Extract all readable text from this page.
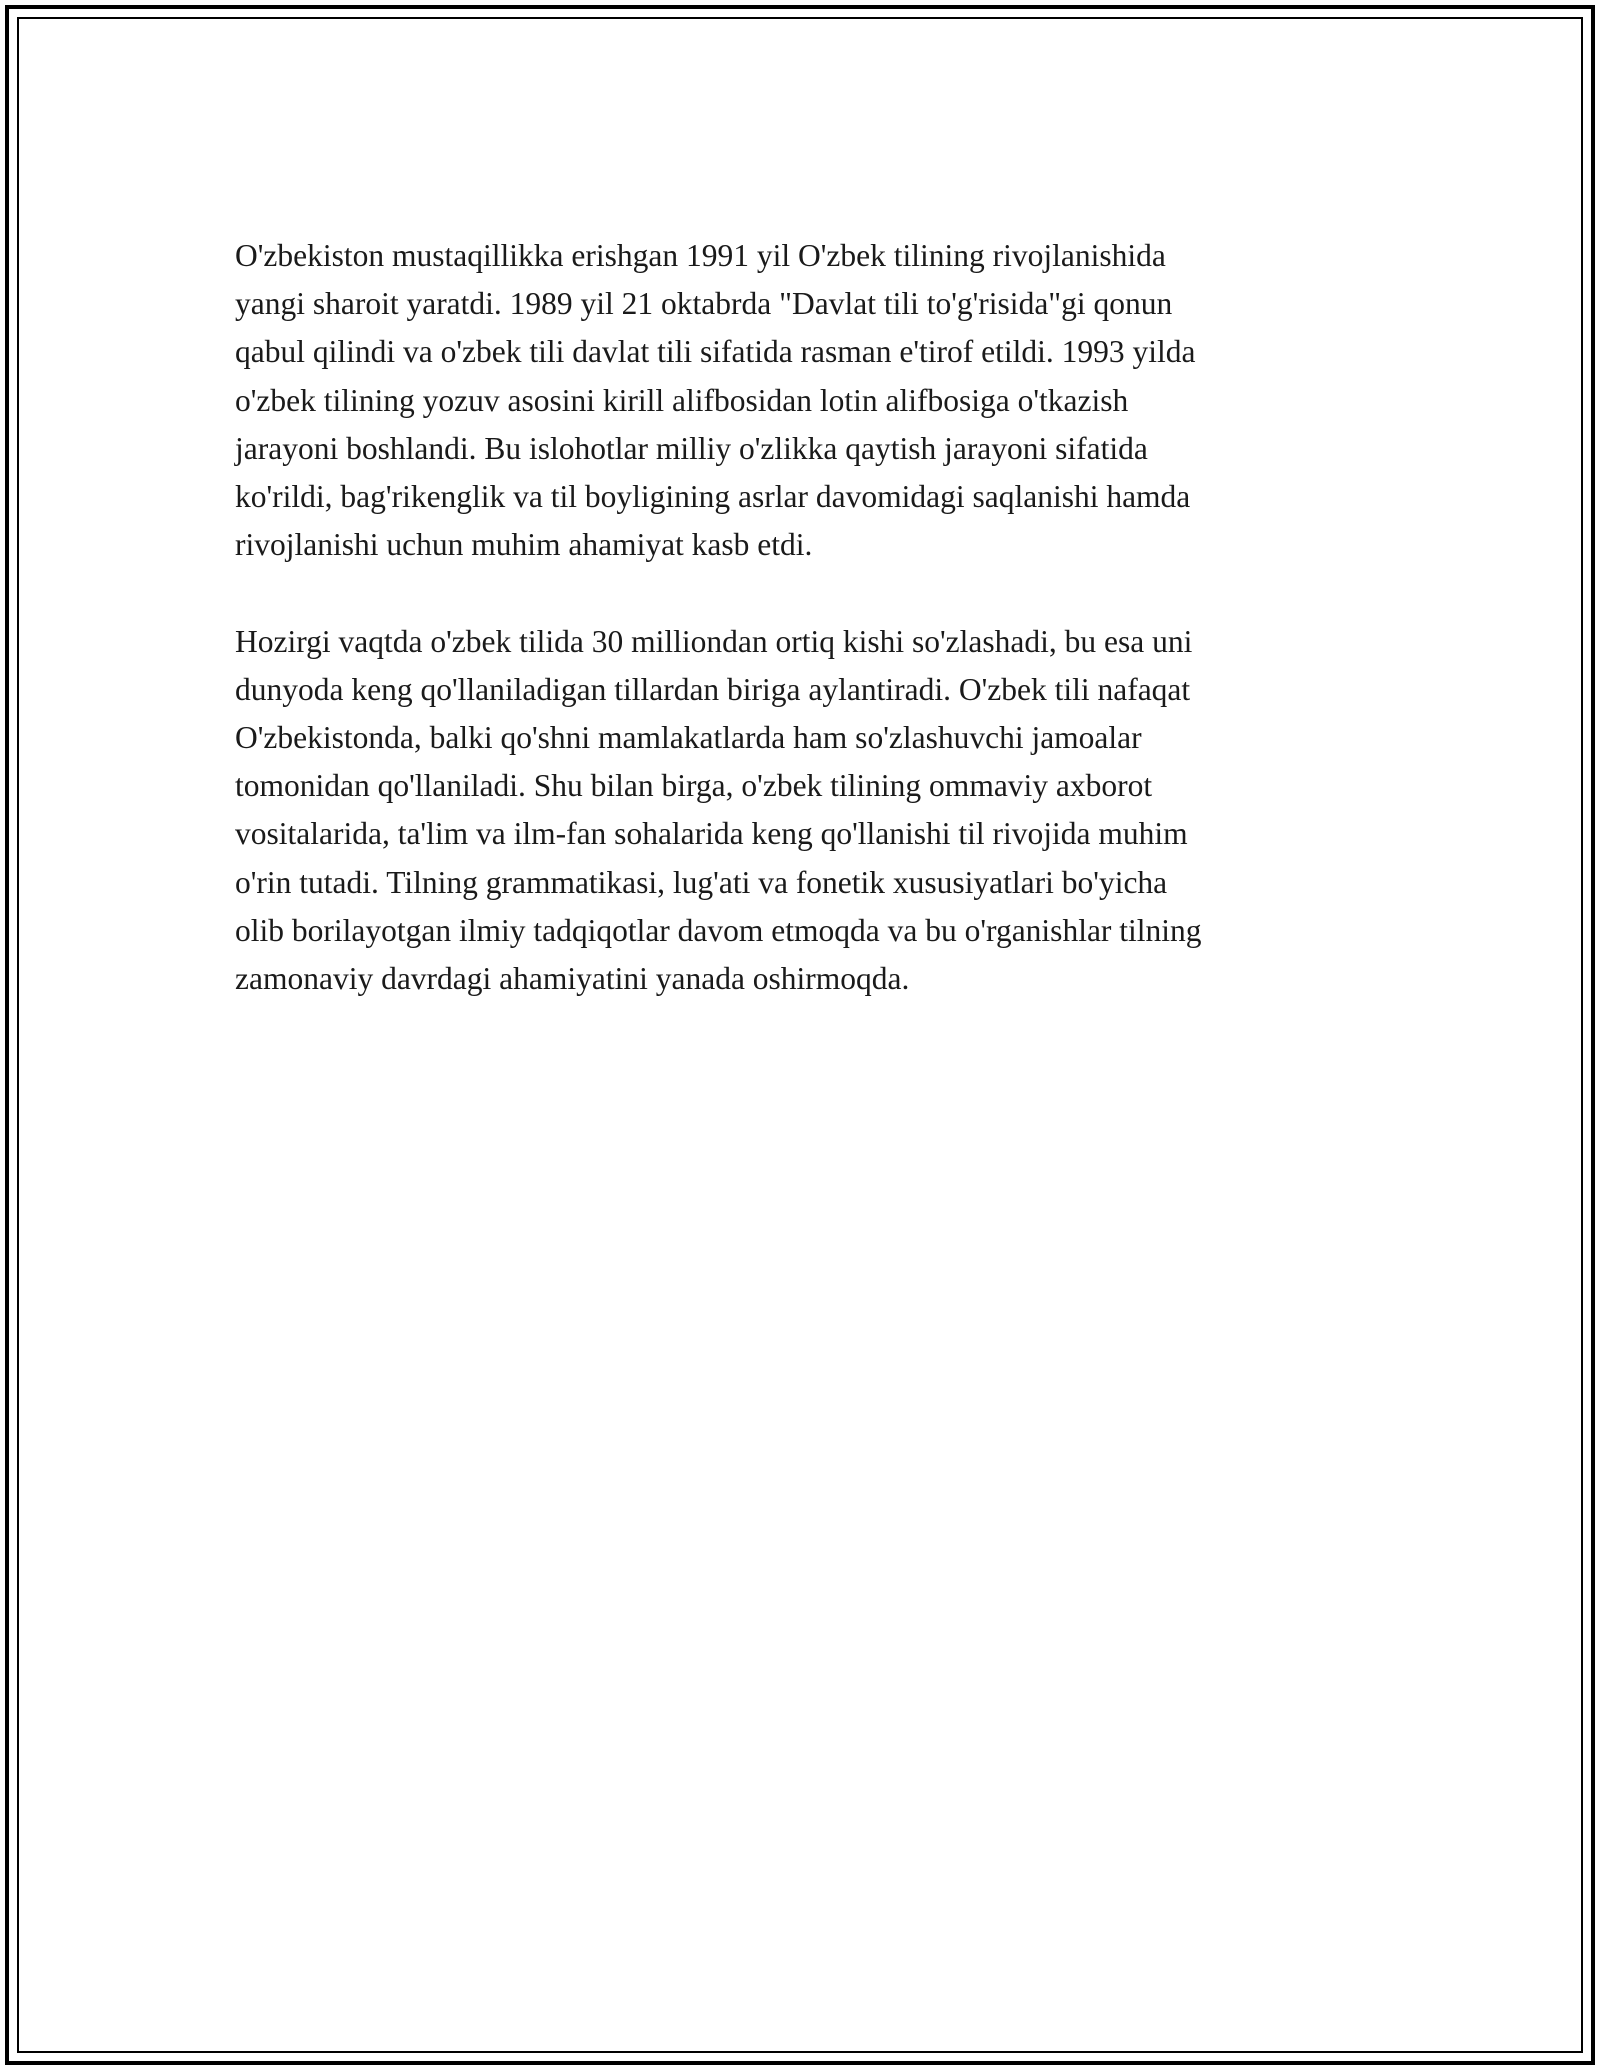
O'zbekiston mustaqillikka erishgan 1991 yil O'zbek tilining rivojlanishida
yangi sharoit yaratdi. 1989 yil 21 oktabrda "Davlat tili to'g'risida"gi qonun
qabul qilindi va o'zbek tili davlat tili sifatida rasman e'tirof etildi. 1993 yilda
o'zbek tilining yozuv asosini kirill alifbosidan lotin alifbosiga o'tkazish
jarayoni boshlandi. Bu islohotlar milliy o'zlikka qaytish jarayoni sifatida
ko'rildi, bag'rikenglik va til boyligining asrlar davomidagi saqlanishi hamda
rivojlanishi uchun muhim ahamiyat kasb etdi.

Hozirgi vaqtda o'zbek tilida 30 milliondan ortiq kishi so'zlashadi, bu esa uni
dunyoda keng qo'llaniladigan tillardan biriga aylantiradi. O'zbek tili nafaqat
O'zbekistonda, balki qo'shni mamlakatlarda ham so'zlashuvchi jamoalar
tomonidan qo'llaniladi. Shu bilan birga, o'zbek tilining ommaviy axborot
vositalarida, ta'lim va ilm-fan sohalarida keng qo'llanishi til rivojida muhim
o'rin tutadi. Tilning grammatikasi, lug'ati va fonetik xususiyatlari bo'yicha
olib borilayotgan ilmiy tadqiqotlar davom etmoqda va bu o'rganishlar tilning
zamonaviy davrdagi ahamiyatini yanada oshirmoqda.
